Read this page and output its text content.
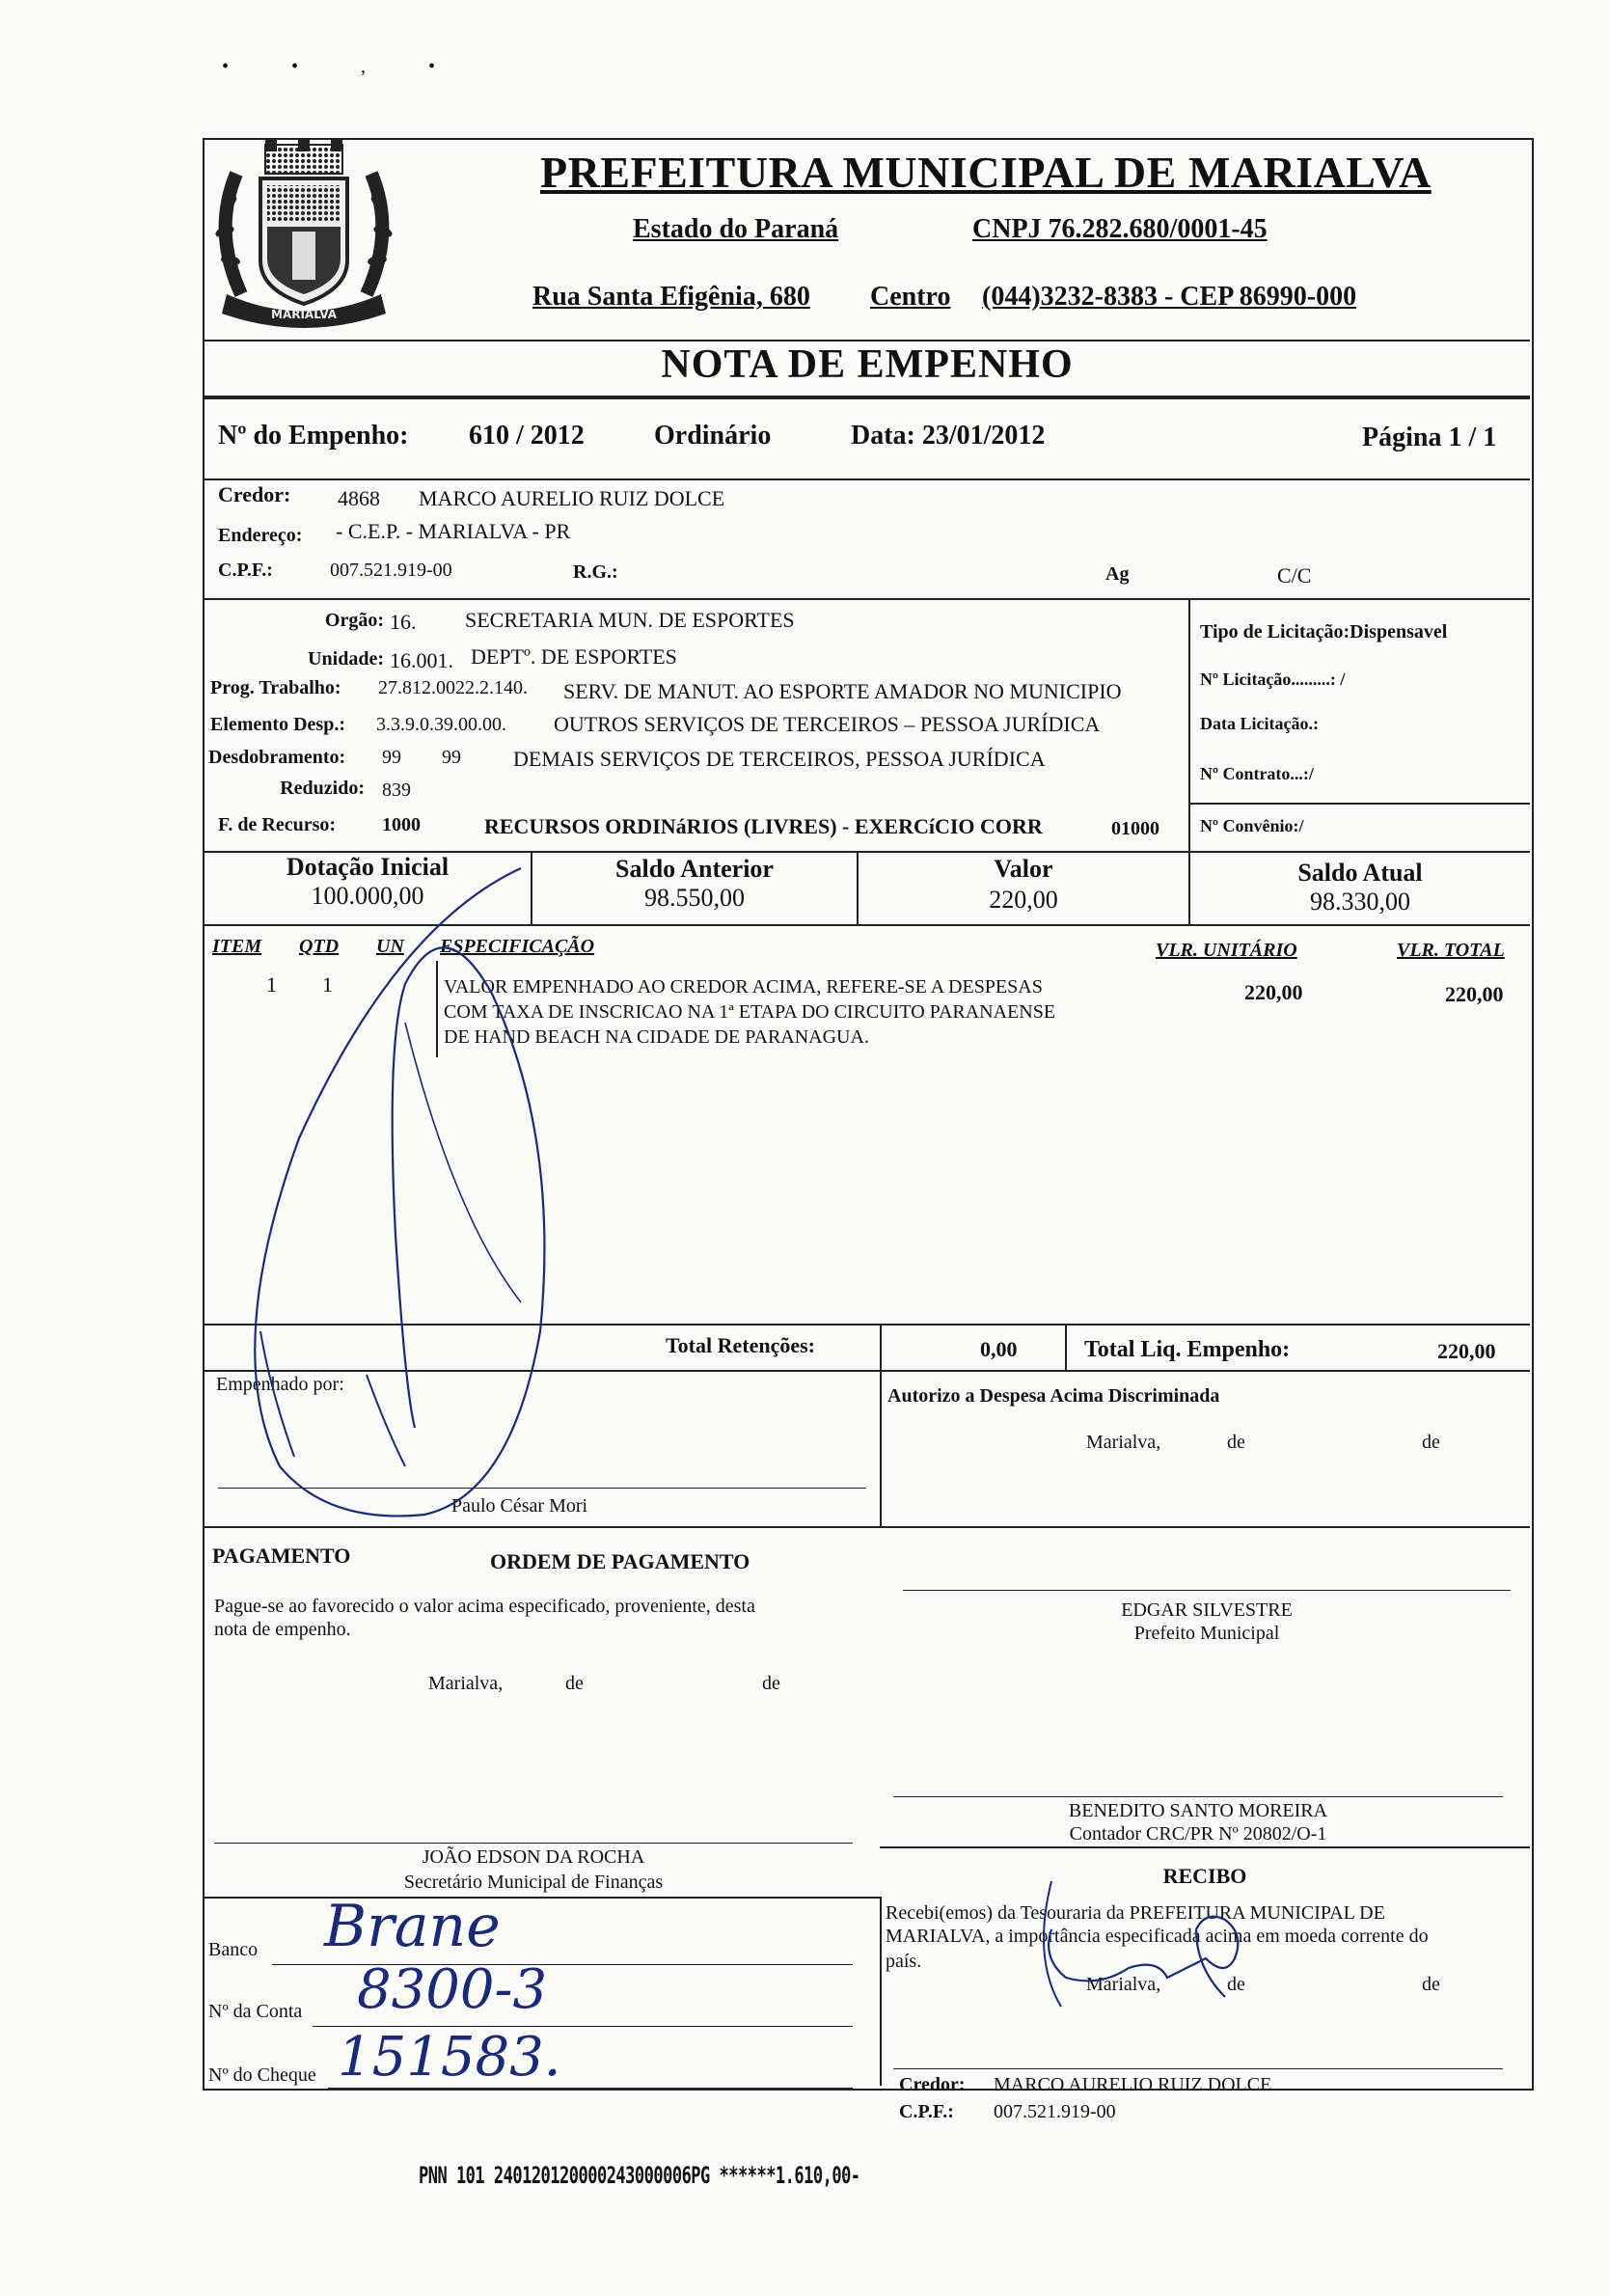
• • , •
MARIALVA
PREFEITURA MUNICIPAL DE MARIALVA
Estado do Paraná	CNPJ 76.282.680/0001-45
Rua Santa Efigênia, 680 Centro (044)3232-8383 - CEP 86990-000
NOTA DE EMPENHO
Nº do Empenho: 610 / 2012	Ordinário	Data: 23/01/2012	Página 1 / 1
Credor: 4868 MARCO AURELIO RUIZ DOLCE
Endereço: - C.E.P. - MARIALVA - PR
C.P.F.:	007.521.919-00	R.G.:	Ag	C/C
Orgão: 16. SECRETARIA MUN. DE ESPORTES
Unidade: 16.001. DEPTº. DE ESPORTES
Prog. Trabalho: 27.812.0022.2.140. SERV. DE MANUT. AO ESPORTE AMADOR NO MUNICIPIO
Elemento Desp.: 3.3.9.0.39.00.00. OUTROS SERVIÇOS DE TERCEIROS – PESSOA JURÍDICA
Desdobramento: 99 99 DEMAIS SERVIÇOS DE TERCEIROS, PESSOA JURÍDICA
Reduzido: 839
F. de Recurso: 1000	RECURSOS ORDINáRIOS (LIVRES) - EXERCíCIO CORR	01000
Tipo de Licitação:Dispensavel
Nº Licitação.........: /
Data Licitação.:
Nº Contrato...:/
Nº Convênio:/
Dotação Inicial
100.000,00
Saldo Anterior
98.550,00
Valor
220,00
Saldo Atual
98.330,00
ITEM QTD UN ESPECIFICAÇÃO	VLR. UNITÁRIO	VLR. TOTAL
1 1	VALOR EMPENHADO AO CREDOR ACIMA, REFERE-SE A DESPESAS
COM TAXA DE INSCRICAO NA 1ª ETAPA DO CIRCUITO PARANAENSE
DE HAND BEACH NA CIDADE DE PARANAGUA.
220,00	220,00
Total Retenções:	0,00	Total Liq. Empenho:	220,00
Empenhado por:
Paulo César Mori
Autorizo a Despesa Acima Discriminada
Marialva,	de	de
PAGAMENTO	ORDEM DE PAGAMENTO
Pague-se ao favorecido o valor acima especificado, proveniente, desta
nota de empenho.
Marialva,	de	de
EDGAR SILVESTRE
Prefeito Municipal
BENEDITO SANTO MOREIRA
Contador CRC/PR Nº 20802/O-1
JOÃO EDSON DA ROCHA
Secretário Municipal de Finanças	RECIBO
Recebi(emos) da Tesouraria da PREFEITURA MUNICIPAL DE
MARIALVA, a importância especificada acima em moeda corrente do
país.
Marialva,	de	de
Credor: MARCO AURELIO RUIZ DOLCE
C.P.F.: 007.521.919-00
Banco Brane
Nº da Conta 8300-3
Nº do Cheque 151583.
PNN 101 240120120000243000006PG ******1.610,00-
